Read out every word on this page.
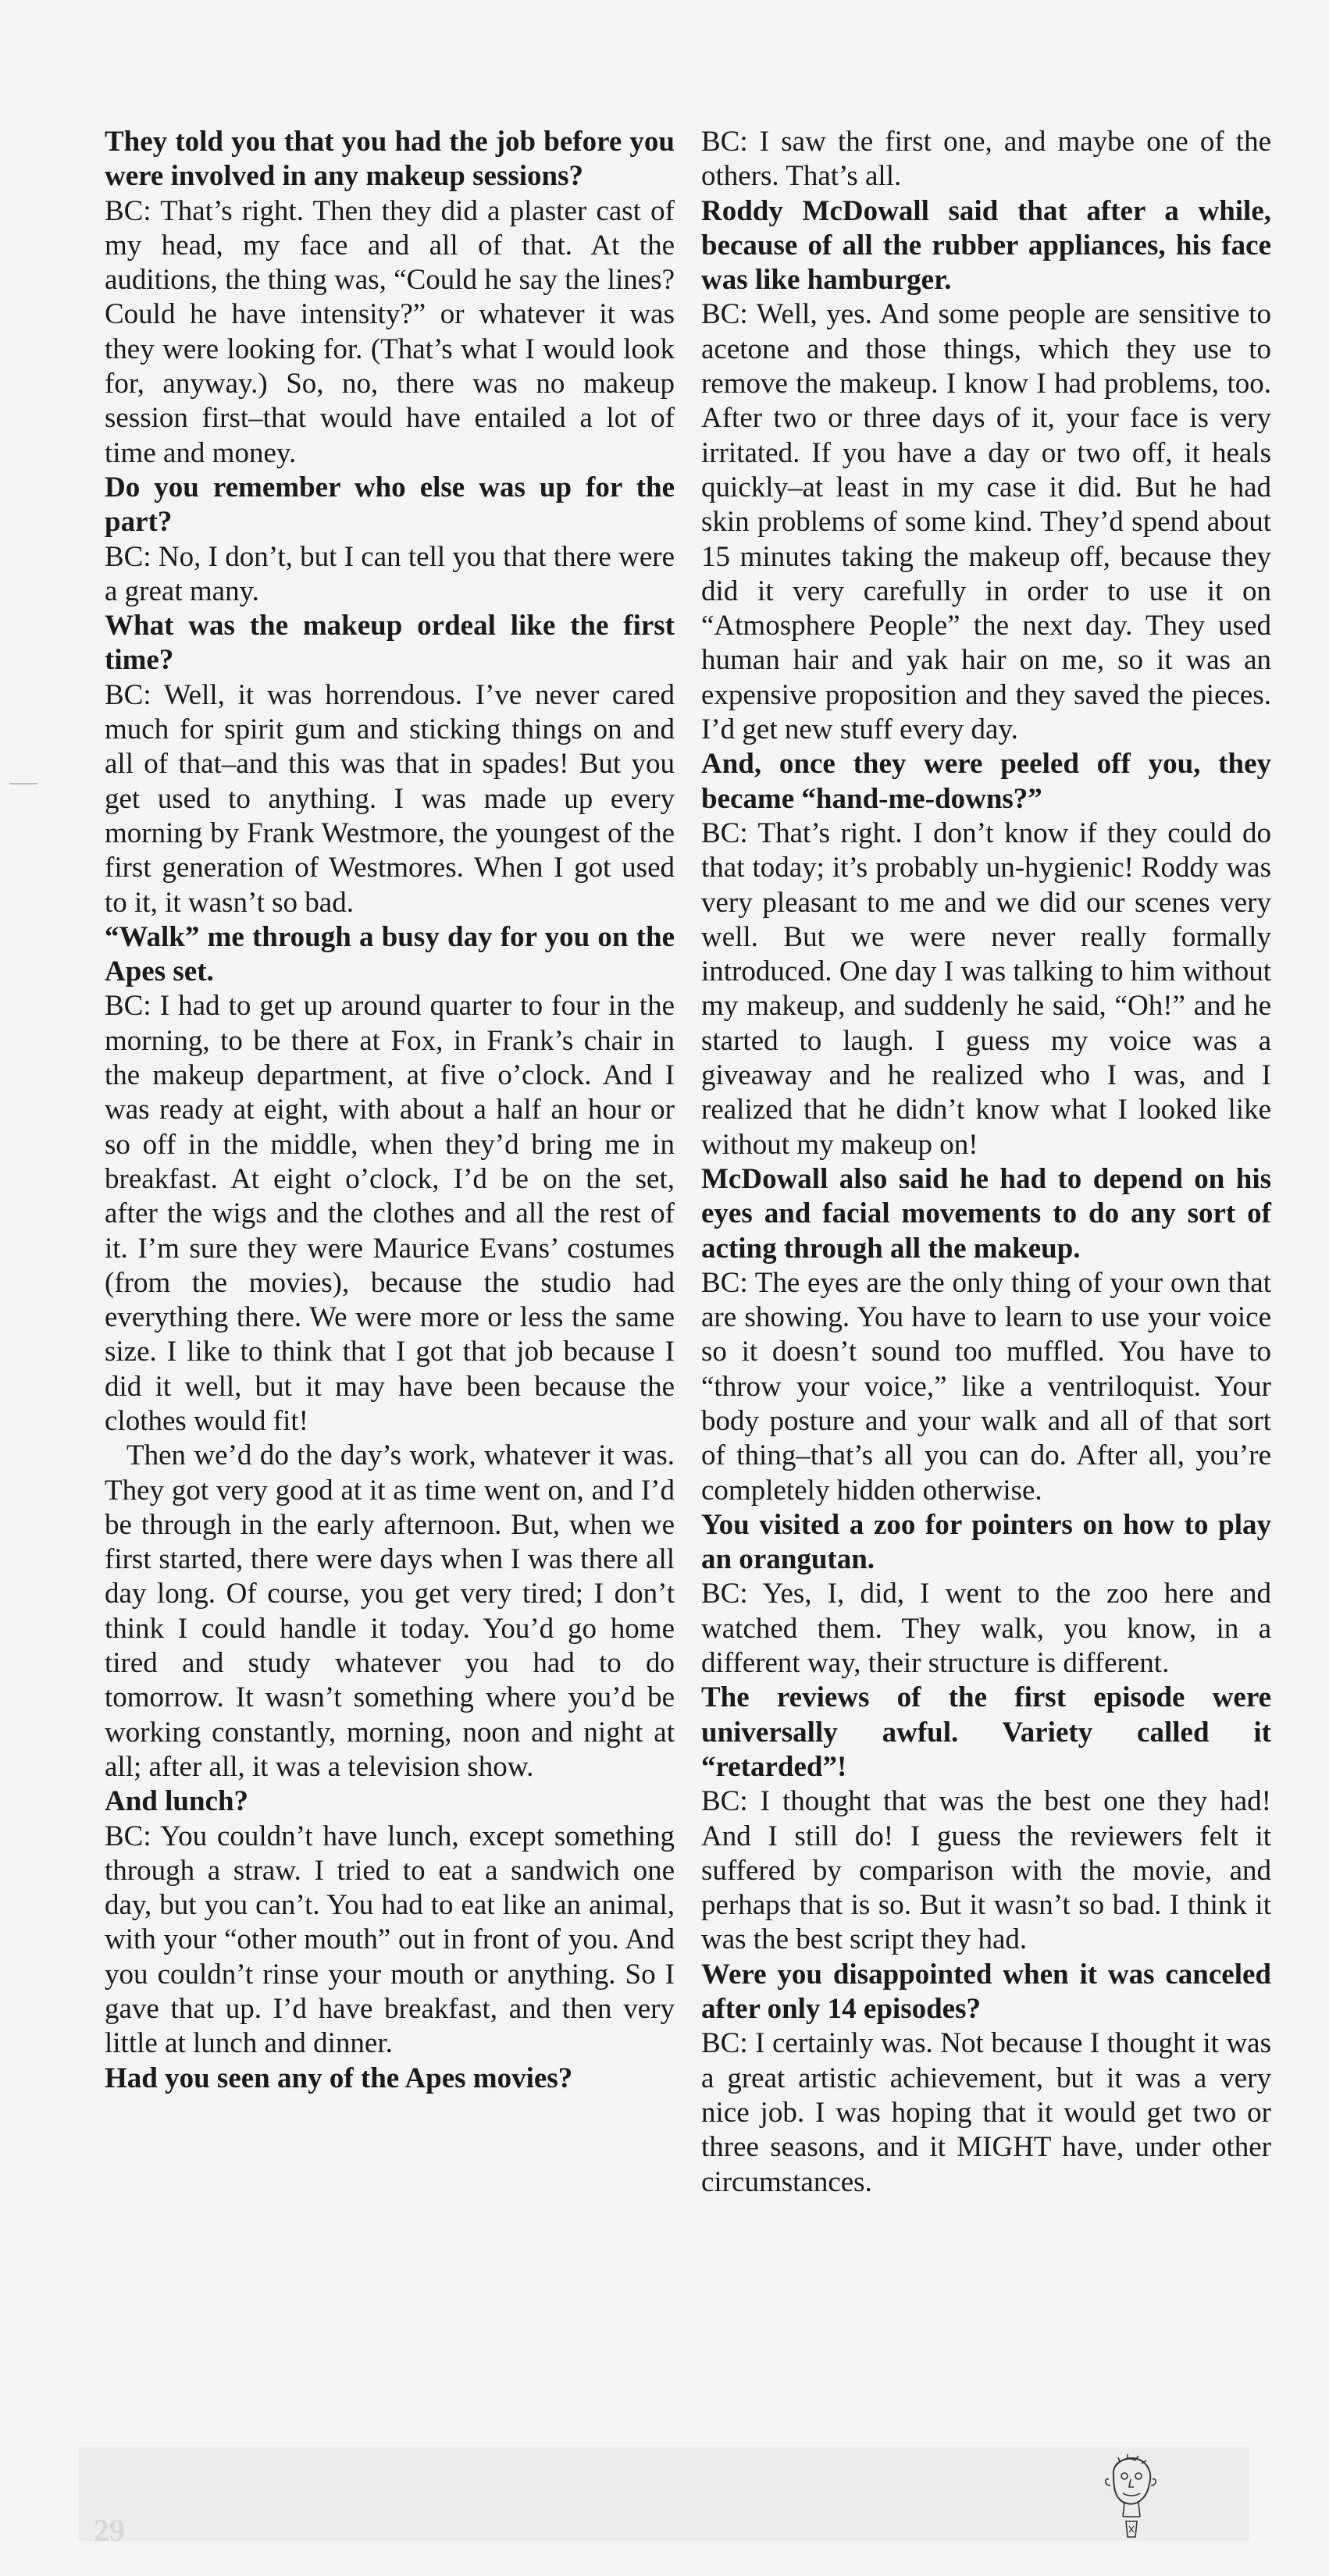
29

They told you that you had the job before you were involved in any makeup sessions?

BC: That’s right. Then they did a plaster cast of my head, my face and all of that. At the auditions, the thing was, “Could he say the lines? Could he have intensity?” or whatever it was they were looking for. (That’s what I would look for, anyway.) So, no, there was no makeup session first–that would have entailed a lot of time and money.

Do you remember who else was up for the part?

BC: No, I don’t, but I can tell you that there were a great many.

What was the makeup ordeal like the first time?

BC: Well, it was horrendous. I’ve never cared much for spirit gum and sticking things on and all of that–and this was that in spades! But you get used to anything. I was made up every morning by Frank Westmore, the youngest of the first generation of Westmores. When I got used to it, it wasn’t so bad.

“Walk” me through a busy day for you on the Apes set.

BC: I had to get up around quarter to four in the morning, to be there at Fox, in Frank’s chair in the makeup department, at five o’clock. And I was ready at eight, with about a half an hour or so off in the middle, when they’d bring me in breakfast. At eight o’clock, I’d be on the set, after the wigs and the clothes and all the rest of it. I’m sure they were Maurice Evans’ costumes (from the movies), because the studio had everything there. We were more or less the same size. I like to think that I got that job because I did it well, but it may have been because the clothes would fit!

Then we’d do the day’s work, whatever it was. They got very good at it as time went on, and I’d be through in the early afternoon. But, when we first started, there were days when I was there all day long. Of course, you get very tired; I don’t think I could handle it today. You’d go home tired and study whatever you had to do tomorrow. It wasn’t something where you’d be working constantly, morning, noon and night at all; after all, it was a television show.

And lunch?

BC: You couldn’t have lunch, except something through a straw. I tried to eat a sandwich one day, but you can’t. You had to eat like an animal, with your “other mouth” out in front of you. And you couldn’t rinse your mouth or anything. So I gave that up. I’d have breakfast, and then very little at lunch and dinner.

Had you seen any of the Apes movies?

BC: I saw the first one, and maybe one of the others. That’s all.

Roddy McDowall said that after a while, because of all the rubber appliances, his face was like hamburger.

BC: Well, yes. And some people are sensitive to acetone and those things, which they use to remove the makeup. I know I had problems, too. After two or three days of it, your face is very irritated. If you have a day or two off, it heals quickly–at least in my case it did. But he had skin problems of some kind. They’d spend about 15 minutes taking the makeup off, because they did it very carefully in order to use it on “Atmosphere People” the next day. They used human hair and yak hair on me, so it was an expensive proposition and they saved the pieces. I’d get new stuff every day.

And, once they were peeled off you, they became “hand-me-downs?”

BC: That’s right. I don’t know if they could do that today; it’s probably un-hygienic! Roddy was very pleasant to me and we did our scenes very well. But we were never really formally introduced. One day I was talking to him without my makeup, and suddenly he said, “Oh!” and he started to laugh. I guess my voice was a giveaway and he realized who I was, and I realized that he didn’t know what I looked like without my makeup on!

McDowall also said he had to depend on his eyes and facial movements to do any sort of acting through all the makeup.

BC: The eyes are the only thing of your own that are showing. You have to learn to use your voice so it doesn’t sound too muffled. You have to “throw your voice,” like a ventriloquist. Your body posture and your walk and all of that sort of thing–that’s all you can do. After all, you’re completely hidden otherwise.

You visited a zoo for pointers on how to play an orangutan.

BC: Yes, I, did, I went to the zoo here and watched them. They walk, you know, in a different way, their structure is different.

The reviews of the first episode were universally awful. Variety called it “retarded”!

BC: I thought that was the best one they had! And I still do! I guess the reviewers felt it suffered by comparison with the movie, and perhaps that is so. But it wasn’t so bad. I think it was the best script they had.

Were you disappointed when it was canceled after only 14 episodes?

BC: I certainly was. Not because I thought it was a great artistic achievement, but it was a very nice job. I was hoping that it would get two or three seasons, and it MIGHT have, under other circumstances.
